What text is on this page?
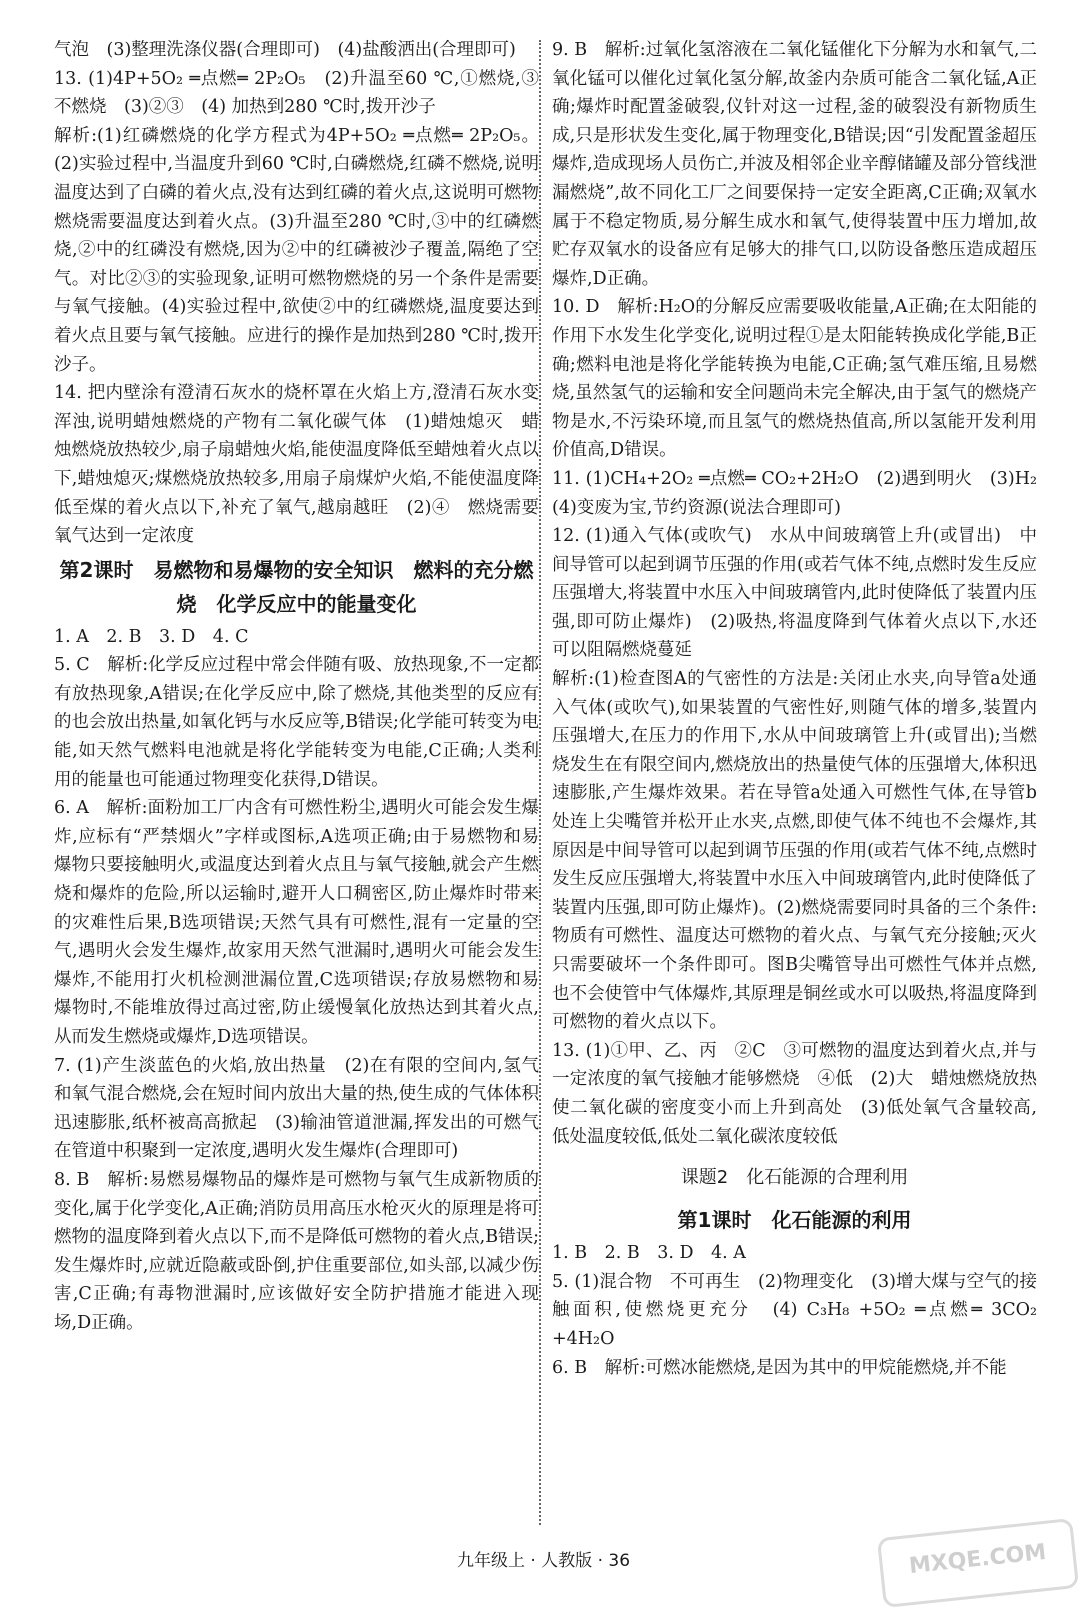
气泡　(3)整理洗涤仪器(合理即可)　(4)盐酸洒出(合理即可)

13. (1)4P+5O₂ ═点燃═ 2P₂O₅　(2)升温至60 ℃,①燃烧,③不燃烧　(3)②③　(4) 加热到280 ℃时,拨开沙子

解析:(1)红磷燃烧的化学方程式为4P+5O₂ ═点燃═ 2P₂O₅。(2)实验过程中,当温度升到60 ℃时,白磷燃烧,红磷不燃烧,说明温度达到了白磷的着火点,没有达到红磷的着火点,这说明可燃物燃烧需要温度达到着火点。(3)升温至280 ℃时,③中的红磷燃烧,②中的红磷没有燃烧,因为②中的红磷被沙子覆盖,隔绝了空气。对比②③的实验现象,证明可燃物燃烧的另一个条件是需要与氧气接触。(4)实验过程中,欲使②中的红磷燃烧,温度要达到着火点且要与氧气接触。应进行的操作是加热到280 ℃时,拨开沙子。

14. 把内壁涂有澄清石灰水的烧杯罩在火焰上方,澄清石灰水变浑浊,说明蜡烛燃烧的产物有二氧化碳气体　(1)蜡烛熄灭　蜡烛燃烧放热较少,扇子扇蜡烛火焰,能使温度降低至蜡烛着火点以下,蜡烛熄灭;煤燃烧放热较多,用扇子扇煤炉火焰,不能使温度降低至煤的着火点以下,补充了氧气,越扇越旺　(2)④　燃烧需要氧气达到一定浓度

第2课时　易燃物和易爆物的安全知识　燃料的充分燃烧　化学反应中的能量变化

1. A　2. B　3. D　4. C

5. C　解析:化学反应过程中常会伴随有吸、放热现象,不一定都有放热现象,A错误;在化学反应中,除了燃烧,其他类型的反应有的也会放出热量,如氧化钙与水反应等,B错误;化学能可转变为电能,如天然气燃料电池就是将化学能转变为电能,C正确;人类利用的能量也可能通过物理变化获得,D错误。

6. A　解析:面粉加工厂内含有可燃性粉尘,遇明火可能会发生爆炸,应标有“严禁烟火”字样或图标,A选项正确;由于易燃物和易爆物只要接触明火,或温度达到着火点且与氧气接触,就会产生燃烧和爆炸的危险,所以运输时,避开人口稠密区,防止爆炸时带来的灾难性后果,B选项错误;天然气具有可燃性,混有一定量的空气,遇明火会发生爆炸,故家用天然气泄漏时,遇明火可能会发生爆炸,不能用打火机检测泄漏位置,C选项错误;存放易燃物和易爆物时,不能堆放得过高过密,防止缓慢氧化放热达到其着火点,从而发生燃烧或爆炸,D选项错误。

7. (1)产生淡蓝色的火焰,放出热量　(2)在有限的空间内,氢气和氧气混合燃烧,会在短时间内放出大量的热,使生成的气体体积迅速膨胀,纸杯被高高掀起　(3)输油管道泄漏,挥发出的可燃气在管道中积聚到一定浓度,遇明火发生爆炸(合理即可)

8. B　解析:易燃易爆物品的爆炸是可燃物与氧气生成新物质的变化,属于化学变化,A正确;消防员用高压水枪灭火的原理是将可燃物的温度降到着火点以下,而不是降低可燃物的着火点,B错误;发生爆炸时,应就近隐蔽或卧倒,护住重要部位,如头部,以减少伤害,C正确;有毒物泄漏时,应该做好安全防护措施才能进入现场,D正确。

9. B　解析:过氧化氢溶液在二氧化锰催化下分解为水和氧气,二氧化锰可以催化过氧化氢分解,故釜内杂质可能含二氧化锰,A正确;爆炸时配置釜破裂,仪针对这一过程,釜的破裂没有新物质生成,只是形状发生变化,属于物理变化,B错误;因“引发配置釜超压爆炸,造成现场人员伤亡,并波及相邻企业辛醇储罐及部分管线泄漏燃烧”,故不同化工厂之间要保持一定安全距离,C正确;双氧水属于不稳定物质,易分解生成水和氧气,使得装置中压力增加,故贮存双氧水的设备应有足够大的排气口,以防设备憋压造成超压爆炸,D正确。

10. D　解析:H₂O的分解反应需要吸收能量,A正确;在太阳能的作用下水发生化学变化,说明过程①是太阳能转换成化学能,B正确;燃料电池是将化学能转换为电能,C正确;氢气难压缩,且易燃烧,虽然氢气的运输和安全问题尚未完全解决,由于氢气的燃烧产物是水,不污染环境,而且氢气的燃烧热值高,所以氢能开发利用价值高,D错误。

11. (1)CH₄+2O₂ ═点燃═ CO₂+2H₂O　(2)遇到明火　(3)H₂　(4)变废为宝,节约资源(说法合理即可)

12. (1)通入气体(或吹气)　水从中间玻璃管上升(或冒出)　中间导管可以起到调节压强的作用(或若气体不纯,点燃时发生反应压强增大,将装置中水压入中间玻璃管内,此时使降低了装置内压强,即可防止爆炸)　(2)吸热,将温度降到气体着火点以下,水还可以阻隔燃烧蔓延

解析:(1)检查图A的气密性的方法是:关闭止水夹,向导管a处通入气体(或吹气),如果装置的气密性好,则随气体的增多,装置内压强增大,在压力的作用下,水从中间玻璃管上升(或冒出);当燃烧发生在有限空间内,燃烧放出的热量使气体的压强增大,体积迅速膨胀,产生爆炸效果。若在导管a处通入可燃性气体,在导管b处连上尖嘴管并松开止水夹,点燃,即使气体不纯也不会爆炸,其原因是中间导管可以起到调节压强的作用(或若气体不纯,点燃时发生反应压强增大,将装置中水压入中间玻璃管内,此时使降低了装置内压强,即可防止爆炸)。(2)燃烧需要同时具备的三个条件:物质有可燃性、温度达可燃物的着火点、与氧气充分接触;灭火只需要破坏一个条件即可。图B尖嘴管导出可燃性气体并点燃,也不会使管中气体爆炸,其原理是铜丝或水可以吸热,将温度降到可燃物的着火点以下。

13. (1)①甲、乙、丙　②C　③可燃物的温度达到着火点,并与一定浓度的氧气接触才能够燃烧　④低　(2)大　蜡烛燃烧放热使二氧化碳的密度变小而上升到高处　(3)低处氧气含量较高,低处温度较低,低处二氧化碳浓度较低

课题2　化石能源的合理利用
第1课时　化石能源的利用

1. B　2. B　3. D　4. A

5. (1)混合物　不可再生　(2)物理变化　(3)增大煤与空气的接触面积,使燃烧更充分　(4) C₃H₈ +5O₂ ═点燃═ 3CO₂ +4H₂O

6. B　解析:可燃冰能燃烧,是因为其中的甲烷能燃烧,并不能

九年级上 · 人教版 · 36	MXQE.COM
